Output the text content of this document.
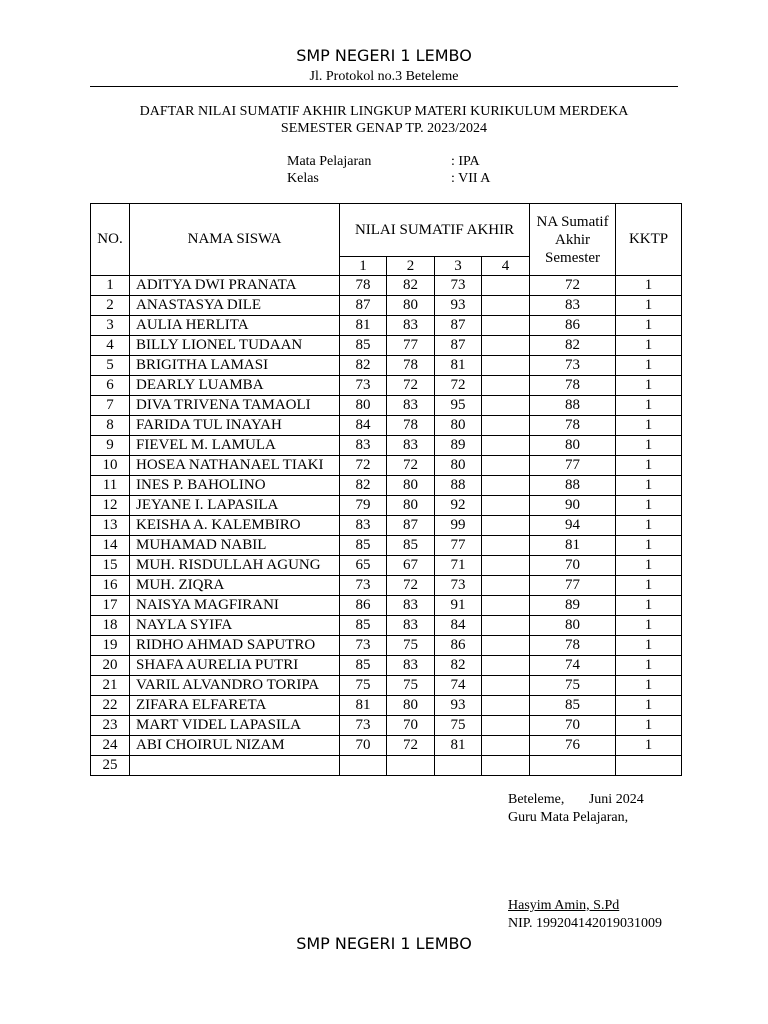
SMP NEGERI 1 LEMBO
Jl. Protokol no.3 Beteleme
DAFTAR NILAI SUMATIF AKHIR LINGKUP MATERI KURIKULUM MERDEKA
SEMESTER GENAP TP. 2023/2024
Mata Pelajaran	: IPA
Kelas	: VII A
NO.	NAMA SISWA	NILAI SUMATIF AKHIR				NA Sumatif Akhir Semester	KKTP
		1	2	3	4		
1	ADITYA DWI PRANATA	78	82	73		72	1
2	ANASTASYA DILE	87	80	93		83	1
3	AULIA HERLITA	81	83	87		86	1
4	BILLY LIONEL TUDAAN	85	77	87		82	1
5	BRIGITHA LAMASI	82	78	81		73	1
6	DEARLY LUAMBA	73	72	72		78	1
7	DIVA TRIVENA TAMAOLI	80	83	95		88	1
8	FARIDA TUL INAYAH	84	78	80		78	1
9	FIEVEL M. LAMULA	83	83	89		80	1
10	HOSEA NATHANAEL TIAKI	72	72	80		77	1
11	INES P. BAHOLINO	82	80	88		88	1
12	JEYANE I. LAPASILA	79	80	92		90	1
13	KEISHA A. KALEMBIRO	83	87	99		94	1
14	MUHAMAD NABIL	85	85	77		81	1
15	MUH. RISDULLAH AGUNG	65	67	71		70	1
16	MUH. ZIQRA	73	72	73		77	1
17	NAISYA MAGFIRANI	86	83	91		89	1
18	NAYLA SYIFA	85	83	84		80	1
19	RIDHO AHMAD SAPUTRO	73	75	86		78	1
20	SHAFA AURELIA PUTRI	85	83	82		74	1
21	VARIL ALVANDRO TORIPA	75	75	74		75	1
22	ZIFARA ELFARETA	81	80	93		85	1
23	MART VIDEL LAPASILA	73	70	75		70	1
24	ABI CHOIRUL NIZAM	70	72	81		76	1
25							
Beteleme,       Juni 2024
Guru Mata Pelajaran,
Hasyim Amin, S.Pd
NIP. 199204142019031009
SMP NEGERI 1 LEMBO
